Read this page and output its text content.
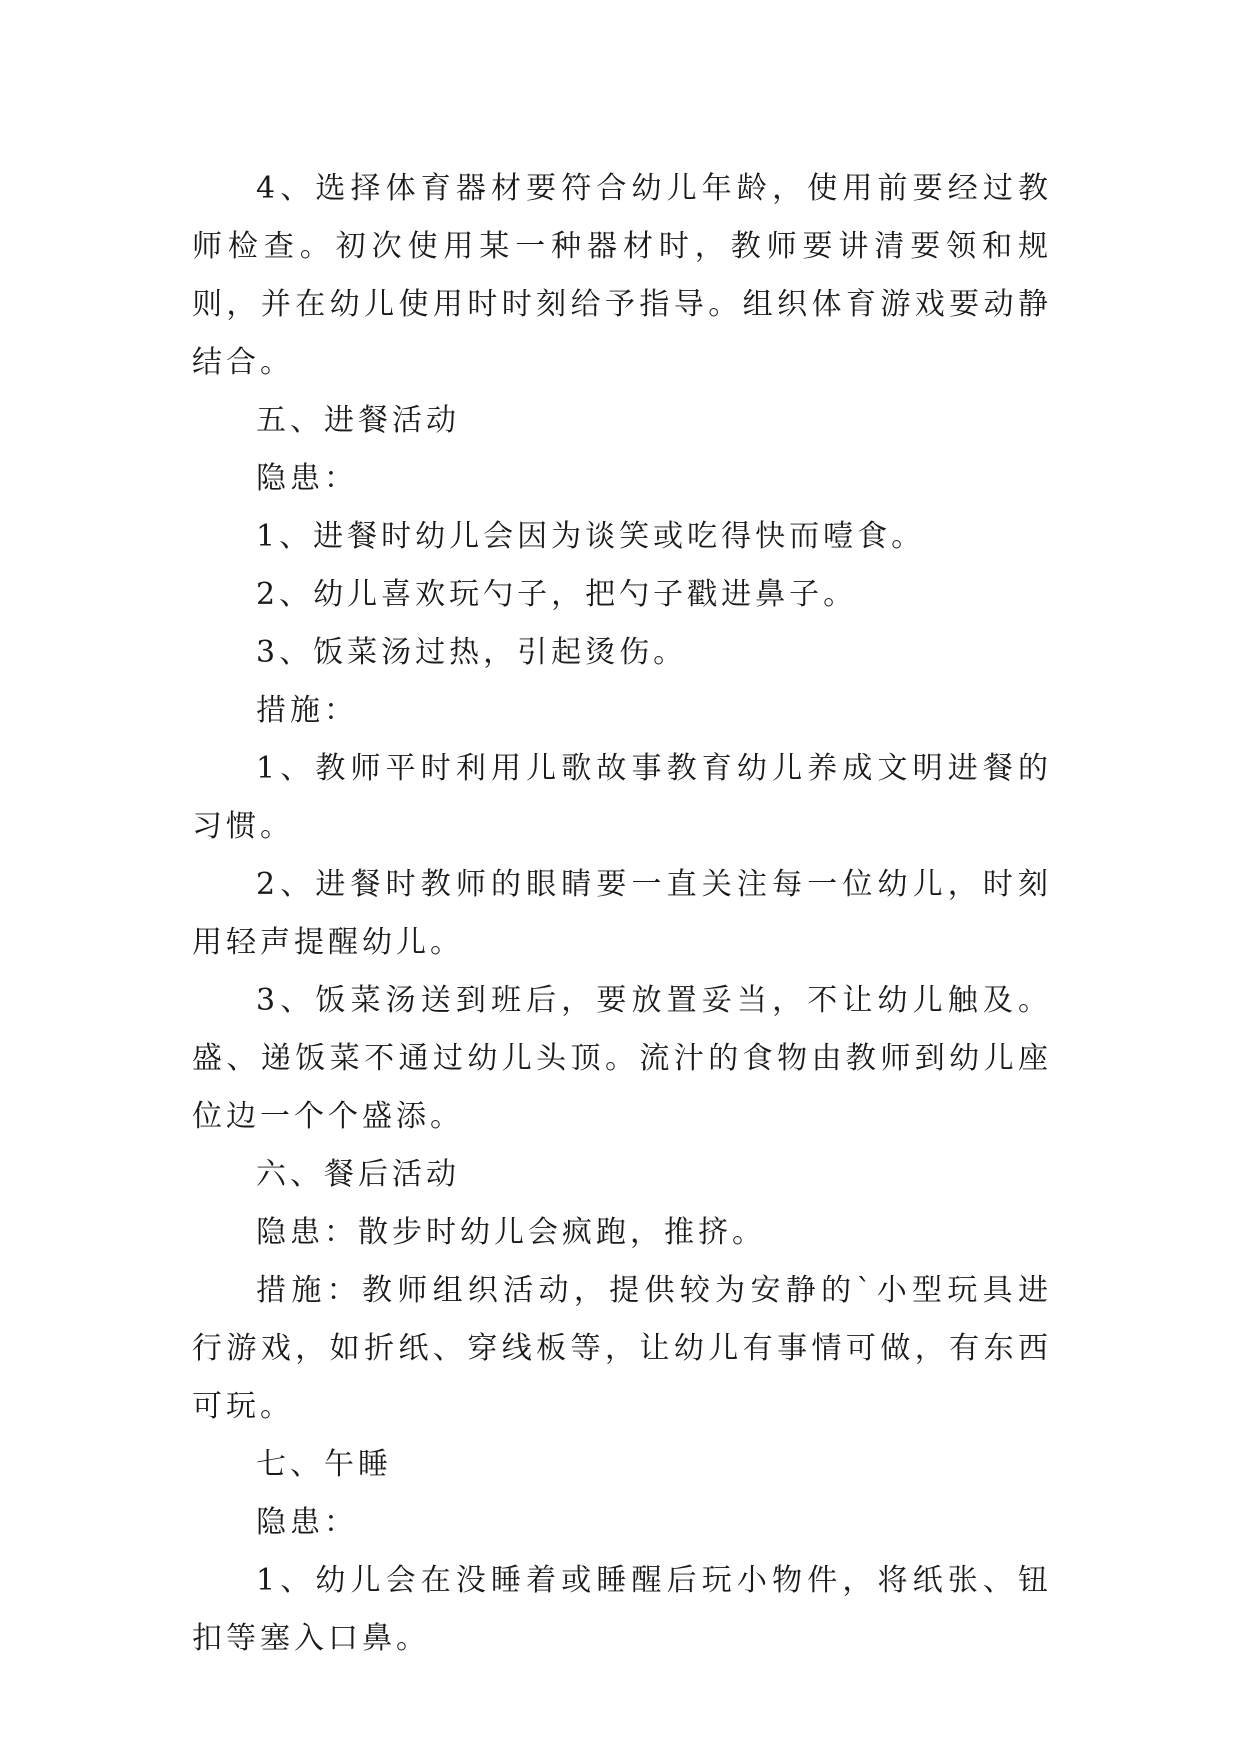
4、选择体育器材要符合幼儿年龄，使用前要经过教师检查。初次使用某一种器材时，教师要讲清要领和规则，并在幼儿使用时时刻给予指导。组织体育游戏要动静结合。

五、进餐活动

隐患：

1、进餐时幼儿会因为谈笑或吃得快而噎食。

2、幼儿喜欢玩勺子，把勺子戳进鼻子。

3、饭菜汤过热，引起烫伤。

措施：

1、教师平时利用儿歌故事教育幼儿养成文明进餐的习惯。

2、进餐时教师的眼睛要一直关注每一位幼儿，时刻用轻声提醒幼儿。

3、饭菜汤送到班后，要放置妥当，不让幼儿触及。盛、递饭菜不通过幼儿头顶。流汁的食物由教师到幼儿座位边一个个盛添。

六、餐后活动

隐患：散步时幼儿会疯跑，推挤。

措施：教师组织活动，提供较为安静的`小型玩具进行游戏，如折纸、穿线板等，让幼儿有事情可做，有东西可玩。

七、午睡

隐患：

1、幼儿会在没睡着或睡醒后玩小物件，将纸张、钮扣等塞入口鼻。
